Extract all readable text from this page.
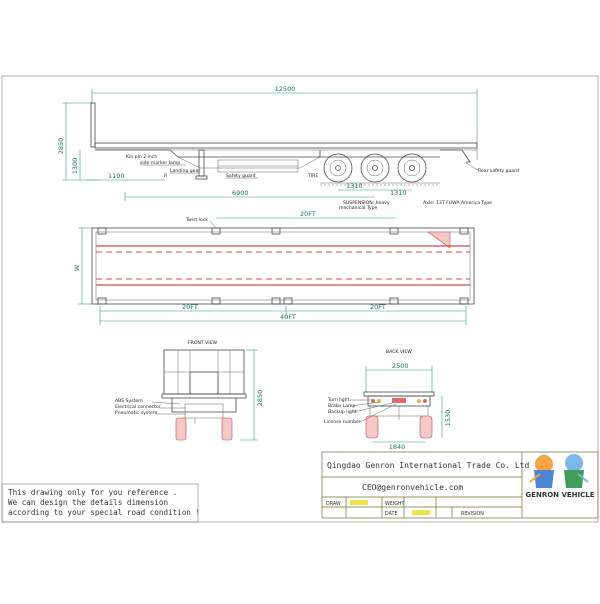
12500
2850
1300
1100
6900
1310
1310
Kin pin 2 inch
side marker lamp
Landing gear
Safety guard
R	TIRE
SUSPENSION: heavy
mechanical Type
Axle: 13T FUWA America Type
Rear safety guard
Twist lock
20FT
W
20FT	20FT
40FT
FRONT VIEW
2850
ABS System
Electrical connector
Pneumatic system
BACK VIEW
2500
1530
1840
Turn light
Brake Lamp
Backup light
License number
This drawing only for you reference .
We can design the details dimension
according to your special road condition !
Qingdao Genron International Trade Co. Ltd
CEO@genronvehicle.com
DRAW	WEIGHT
DATE	REVISION
GENRON VEHICLE
